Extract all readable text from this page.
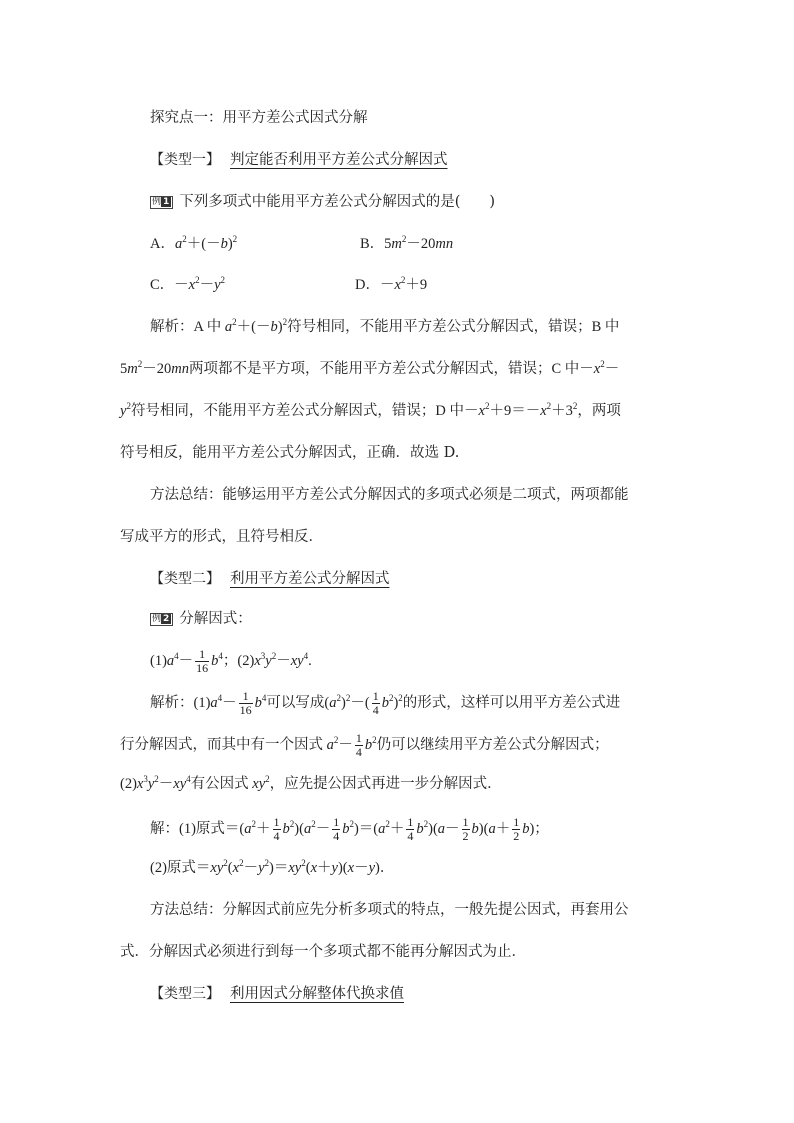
探究点一：用平方差公式因式分解
【类型一】 判定能否利用平方差公式分解因式
例 1 下列多项式中能用平方差公式分解因式的是(　　)
A．$a^2+(-b)^2$	B．$5m^2-20mn$
C．$-x^2-y^2$	D．$-x^2+9$
解析：A 中 $a^2+(-b)^2$符号相同，不能用平方差公式分解因式，错误；B 中
$5m^2-20mn$两项都不是平方项，不能用平方差公式分解因式，错误；C 中$-x^2-$
$y^2$符号相同，不能用平方差公式分解因式，错误；D 中$-x^2+9=-x^2+3^2$，两项
符号相反，能用平方差公式分解因式，正确．故选 D.
方法总结：能够运用平方差公式分解因式的多项式必须是二项式，两项都能
写成平方的形式，且符号相反．
【类型二】 利用平方差公式分解因式
例 2 分解因式：
$(1)a^4- \frac{1}{16} b^4$；$(2)x^3y^2-xy^4$.
解析：$(1)a^4- \frac{1}{16} b^4$可以写成$(a^2)^2-( \frac{1}{4} b^2)^2$的形式，这样可以用平方差公式进
行分解因式，而其中有一个因式 $a^2- \frac{1}{4} b^2$仍可以继续用平方差公式分解因式；
$(2)x^3y^2-xy^4$有公因式 $xy^2$，应先提公因式再进一步分解因式．
解：(1)原式$=(a^2+ \frac{1}{4} b^2)(a^2- \frac{1}{4} b^2)=(a^2+ \frac{1}{4} b^2)(a- \frac{1}{2} b)(a+ \frac{1}{2} b)$；
(2)原式$=xy^2(x^2-y^2)=xy^2(x+y)(x-y)$．
方法总结：分解因式前应先分析多项式的特点，一般先提公因式，再套用公
式．分解因式必须进行到每一个多项式都不能再分解因式为止．
【类型三】 利用因式分解整体代换求值
